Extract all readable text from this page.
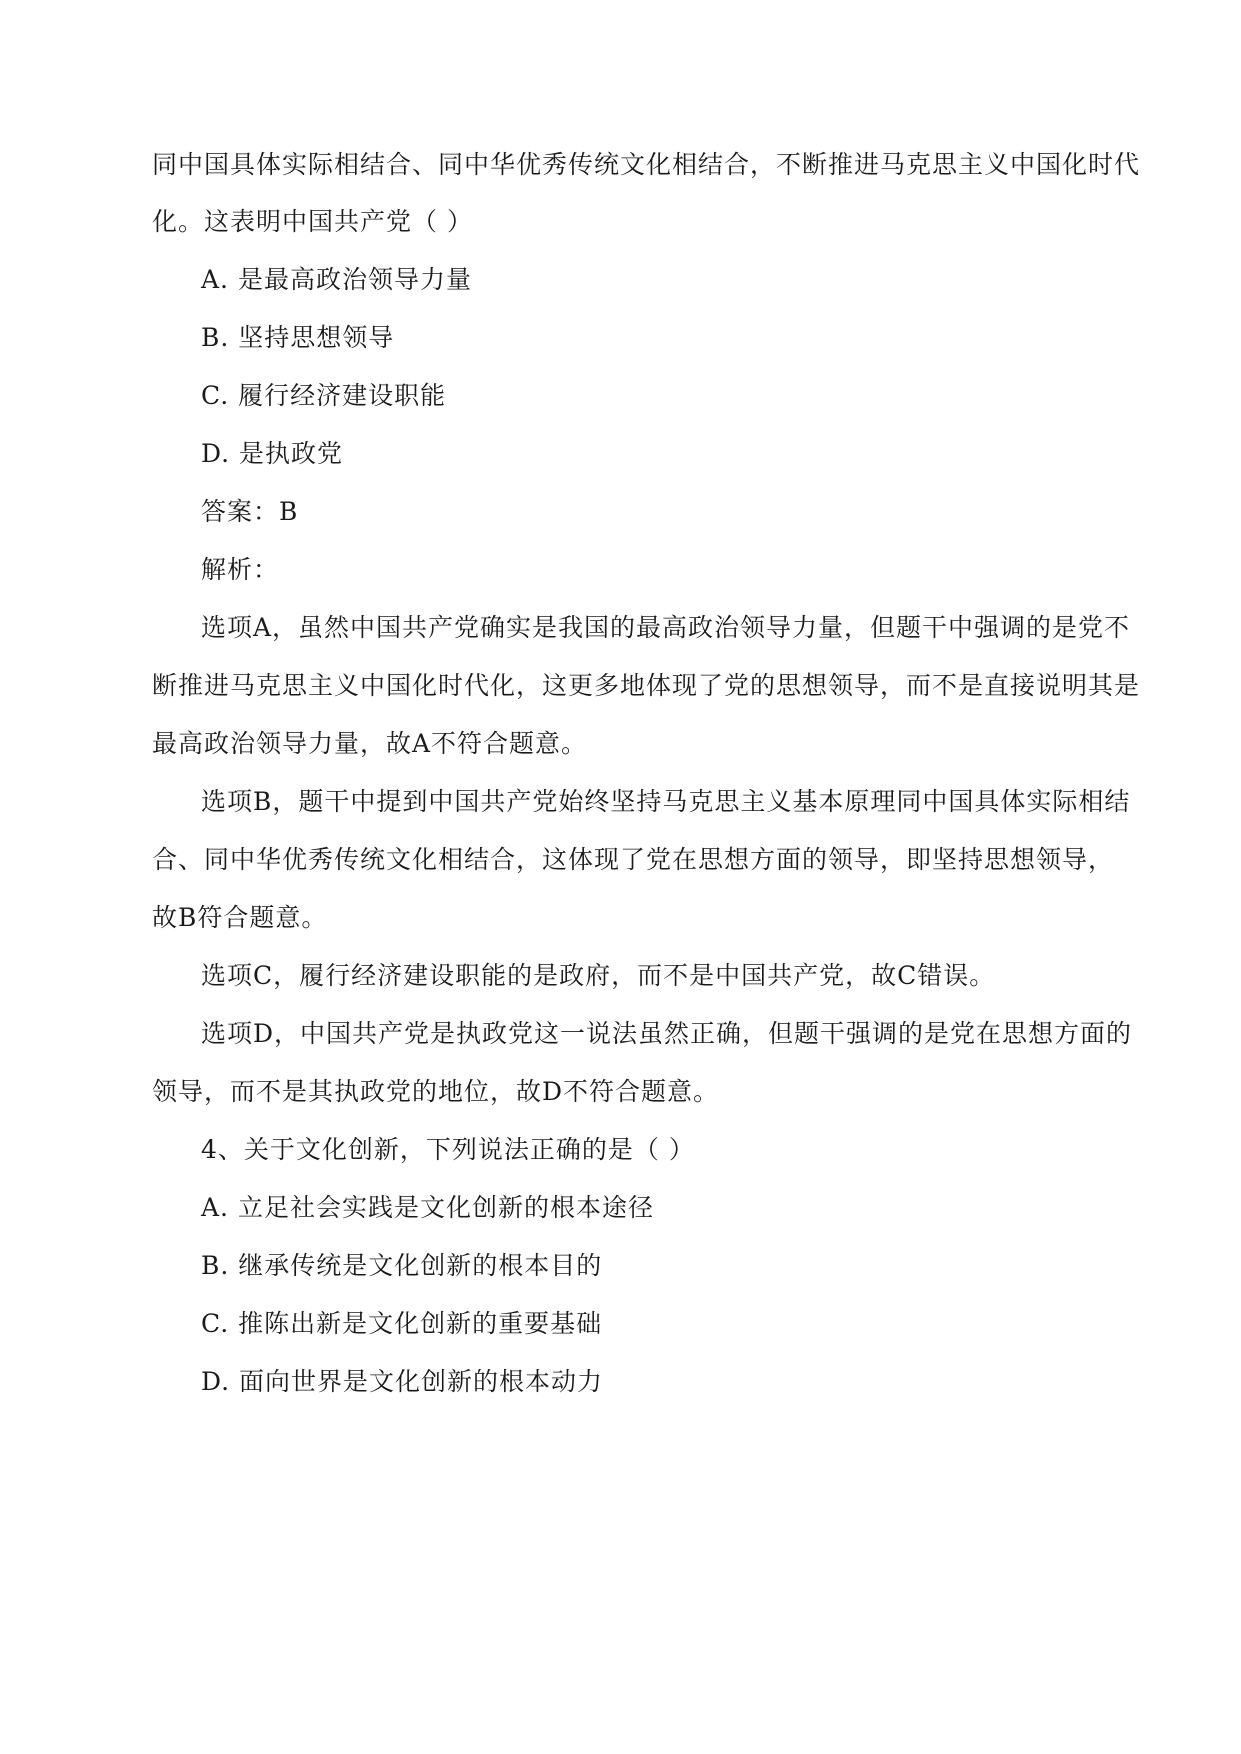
同中国具体实际相结合、同中华优秀传统文化相结合，不断推进马克思主义中国化时代
化。这表明中国共产党（ ）
A. 是最高政治领导力量
B. 坚持思想领导
C. 履行经济建设职能
D. 是执政党
答案：B
解析：
选项A，虽然中国共产党确实是我国的最高政治领导力量，但题干中强调的是党不
断推进马克思主义中国化时代化，这更多地体现了党的思想领导，而不是直接说明其是
最高政治领导力量，故A不符合题意。
选项B，题干中提到中国共产党始终坚持马克思主义基本原理同中国具体实际相结
合、同中华优秀传统文化相结合，这体现了党在思想方面的领导，即坚持思想领导，
故B符合题意。
选项C，履行经济建设职能的是政府，而不是中国共产党，故C错误。
选项D，中国共产党是执政党这一说法虽然正确，但题干强调的是党在思想方面的
领导，而不是其执政党的地位，故D不符合题意。
4、关于文化创新，下列说法正确的是（ ）
A. 立足社会实践是文化创新的根本途径
B. 继承传统是文化创新的根本目的
C. 推陈出新是文化创新的重要基础
D. 面向世界是文化创新的根本动力
